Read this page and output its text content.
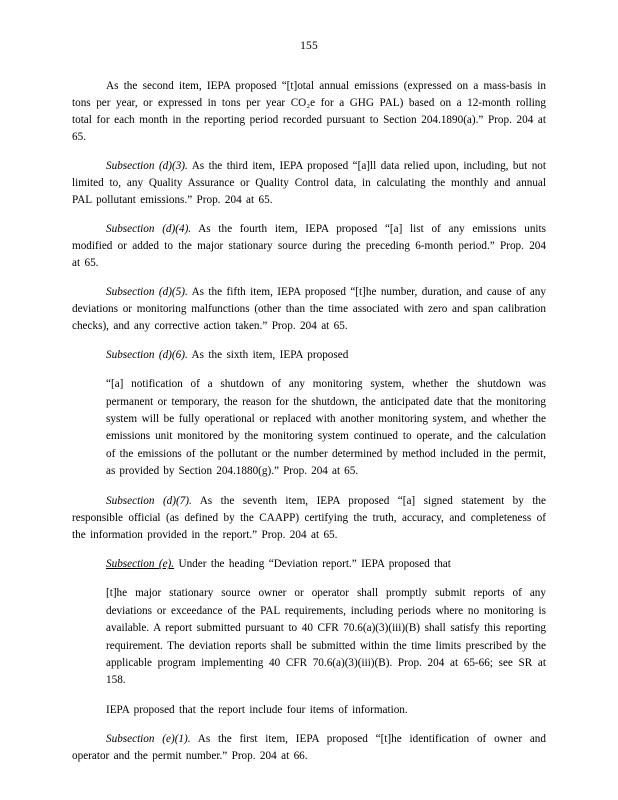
155

As the second item, IEPA proposed “[t]otal annual emissions (expressed on a mass-basis in tons per year, or expressed in tons per year CO₂e for a GHG PAL) based on a 12-month rolling total for each month in the reporting period recorded pursuant to Section 204.1890(a).” Prop. 204 at 65.

Subsection (d)(3). As the third item, IEPA proposed “[a]ll data relied upon, including, but not limited to, any Quality Assurance or Quality Control data, in calculating the monthly and annual PAL pollutant emissions.” Prop. 204 at 65.

Subsection (d)(4). As the fourth item, IEPA proposed “[a] list of any emissions units modified or added to the major stationary source during the preceding 6-month period.” Prop. 204 at 65.

Subsection (d)(5). As the fifth item, IEPA proposed “[t]he number, duration, and cause of any deviations or monitoring malfunctions (other than the time associated with zero and span calibration checks), and any corrective action taken.” Prop. 204 at 65.

Subsection (d)(6). As the sixth item, IEPA proposed

“[a] notification of a shutdown of any monitoring system, whether the shutdown was permanent or temporary, the reason for the shutdown, the anticipated date that the monitoring system will be fully operational or replaced with another monitoring system, and whether the emissions unit monitored by the monitoring system continued to operate, and the calculation of the emissions of the pollutant or the number determined by method included in the permit, as provided by Section 204.1880(g).” Prop. 204 at 65.

Subsection (d)(7). As the seventh item, IEPA proposed “[a] signed statement by the responsible official (as defined by the CAAPP) certifying the truth, accuracy, and completeness of the information provided in the report.” Prop. 204 at 65.

Subsection (e). Under the heading “Deviation report.” IEPA proposed that

[t]he major stationary source owner or operator shall promptly submit reports of any deviations or exceedance of the PAL requirements, including periods where no monitoring is available. A report submitted pursuant to 40 CFR 70.6(a)(3)(iii)(B) shall satisfy this reporting requirement. The deviation reports shall be submitted within the time limits prescribed by the applicable program implementing 40 CFR 70.6(a)(3)(iii)(B). Prop. 204 at 65-66; see SR at 158.

IEPA proposed that the report include four items of information.

Subsection (e)(1). As the first item, IEPA proposed “[t]he identification of owner and operator and the permit number.” Prop. 204 at 66.
